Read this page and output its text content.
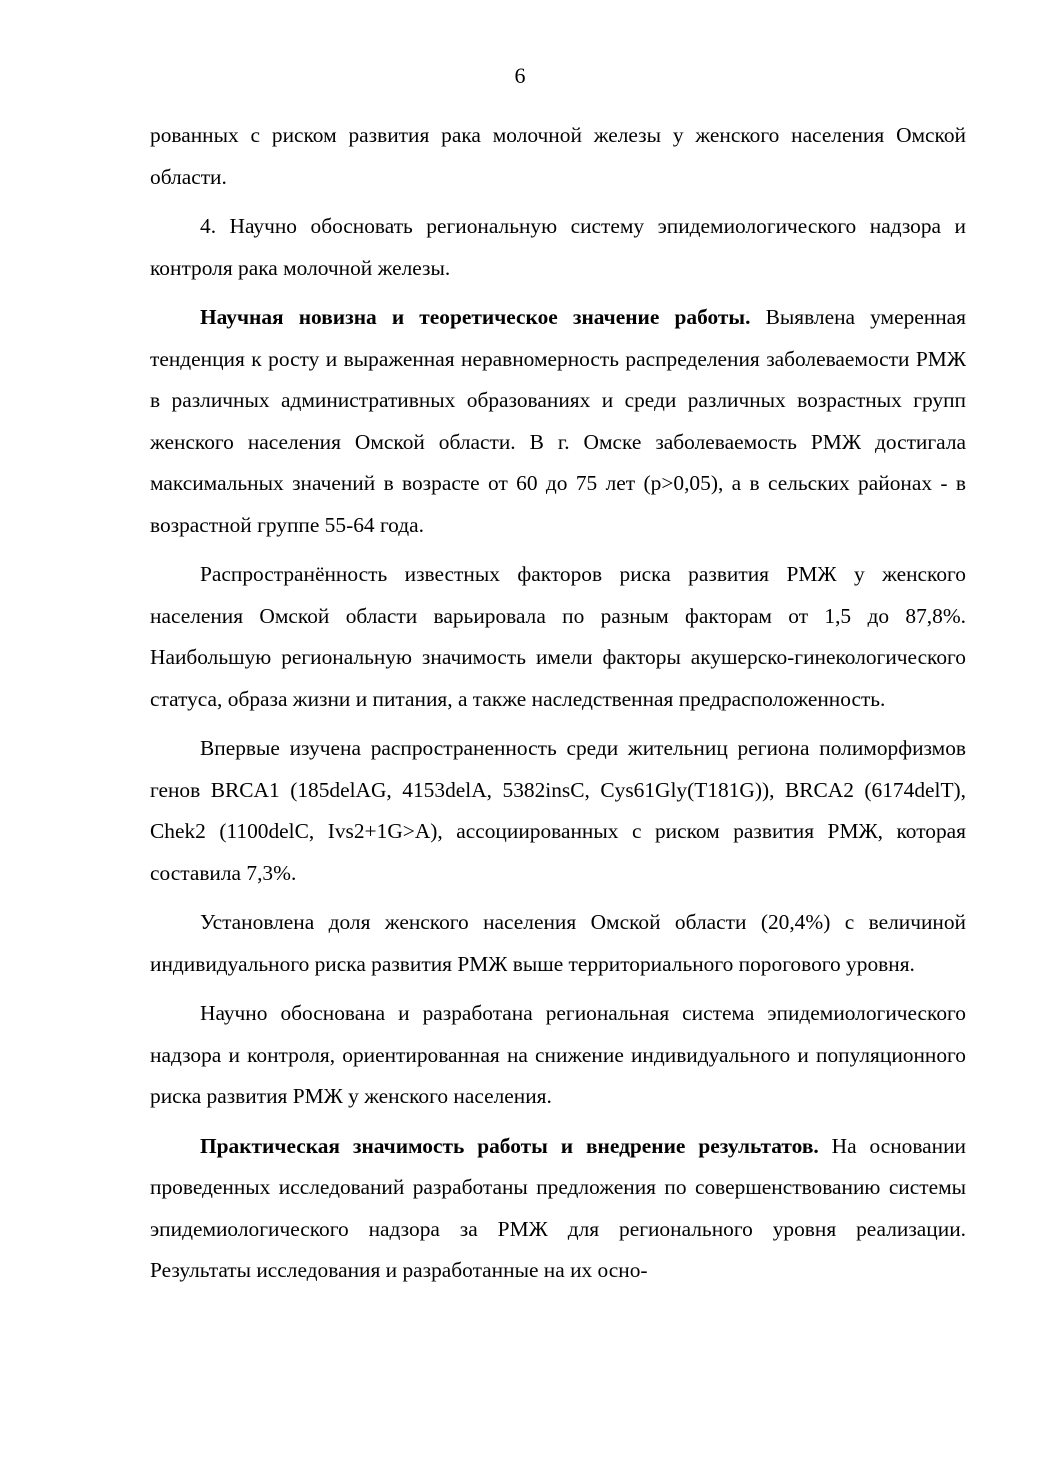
6

рованных с риском развития рака молочной железы у женского населения Омской области.

4. Научно обосновать региональную систему эпидемиологического надзора и контроля рака молочной железы.

Научная новизна и теоретическое значение работы. Выявлена умеренная тенденция к росту и выраженная неравномерность распределения заболеваемости РМЖ в различных административных образованиях и среди различных возрастных групп женского населения Омской области. В г. Омске заболеваемость РМЖ достигала максимальных значений в возрасте от 60 до 75 лет (р>0,05), а в сельских районах - в возрастной группе 55-64 года.

Распространённость известных факторов риска развития РМЖ у женского населения Омской области варьировала по разным факторам от 1,5 до 87,8%. Наибольшую региональную значимость имели факторы акушерско-гинекологического статуса, образа жизни и питания, а также наследственная предрасположенность.

Впервые изучена распространенность среди жительниц региона полиморфизмов генов BRCA1 (185delAG, 4153delA, 5382insC, Cys61Gly(T181G)), BRCA2 (6174delT), Chek2 (1100delC, Ivs2+1G>A), ассоциированных с риском развития РМЖ, которая составила 7,3%.

Установлена доля женского населения Омской области (20,4%) с величиной индивидуального риска развития РМЖ выше территориального порогового уровня.

Научно обоснована и разработана региональная система эпидемиологического надзора и контроля, ориентированная на снижение индивидуального и популяционного риска развития РМЖ у женского населения.

Практическая значимость работы и внедрение результатов. На основании проведенных исследований разработаны предложения по совершенствованию системы эпидемиологического надзора за РМЖ для регионального уровня реализации. Результаты исследования и разработанные на их осно-
